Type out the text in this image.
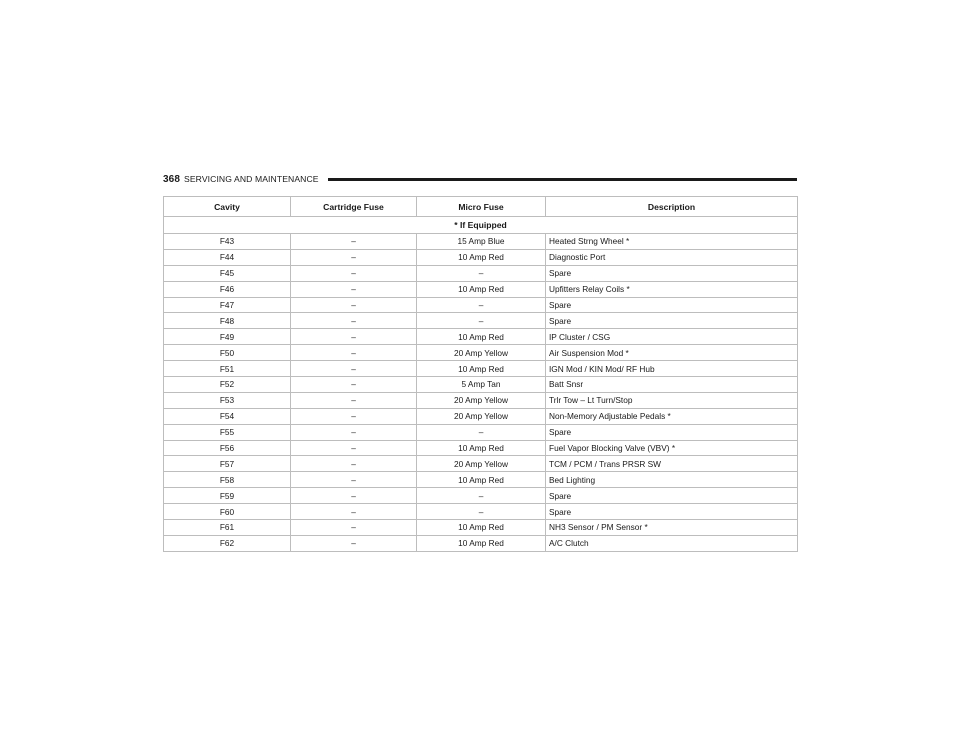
368 SERVICING AND MAINTENANCE
Cavity	Cartridge Fuse	Micro Fuse	Description
* If Equipped			
F43	–	15 Amp Blue	Heated Strng Wheel *
F44	–	10 Amp Red	Diagnostic Port
F45	–	–	Spare
F46	–	10 Amp Red	Upfitters Relay Coils *
F47	–	–	Spare
F48	–	–	Spare
F49	–	10 Amp Red	IP Cluster / CSG
F50	–	20 Amp Yellow	Air Suspension Mod *
F51	–	10 Amp Red	IGN Mod / KIN Mod/ RF Hub
F52	–	5 Amp Tan	Batt Snsr
F53	–	20 Amp Yellow	Trlr Tow – Lt Turn/Stop
F54	–	20 Amp Yellow	Non-Memory Adjustable Pedals *
F55	–	–	Spare
F56	–	10 Amp Red	Fuel Vapor Blocking Valve (VBV) *
F57	–	20 Amp Yellow	TCM / PCM / Trans PRSR SW
F58	–	10 Amp Red	Bed Lighting
F59	–	–	Spare
F60	–	–	Spare
F61	–	10 Amp Red	NH3 Sensor / PM Sensor *
F62	–	10 Amp Red	A/C Clutch
